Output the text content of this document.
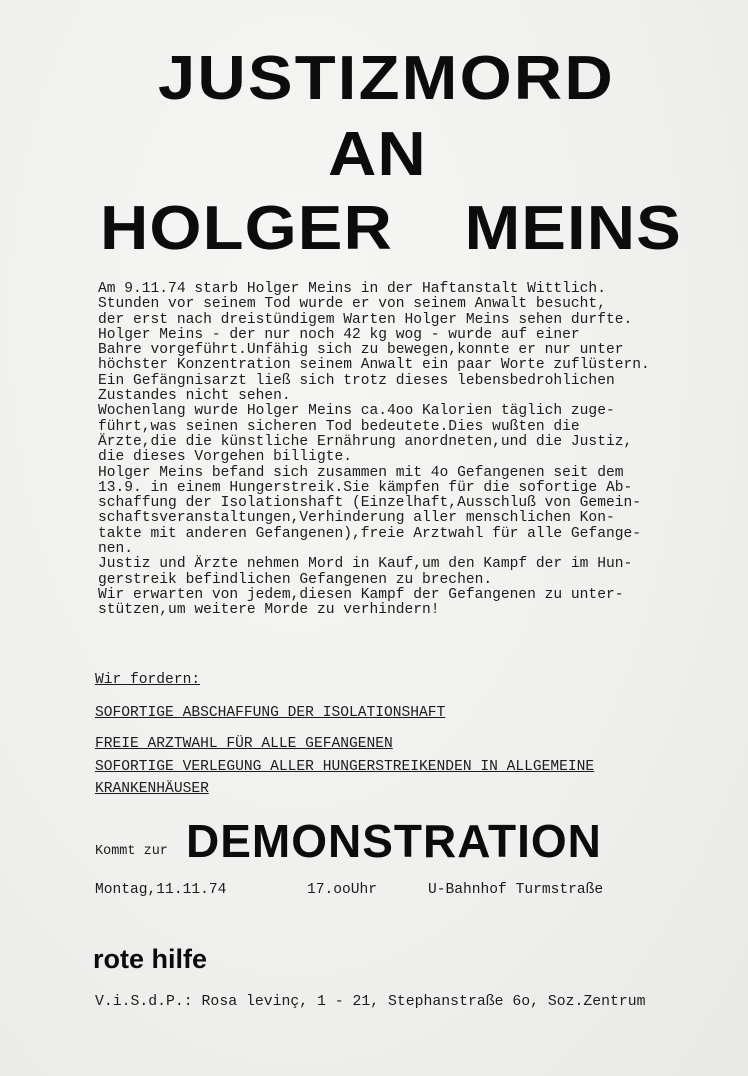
JUSTIZMORD
AN
HOLGER MEINS
Am 9.11.74 starb Holger Meins in der Haftanstalt Wittlich.
Stunden vor seinem Tod wurde er von seinem Anwalt besucht,
der erst nach dreistündigem Warten Holger Meins sehen durfte.
Holger Meins - der nur noch 42 kg wog - wurde auf einer
Bahre vorgeführt.Unfähig sich zu bewegen,konnte er nur unter
höchster Konzentration seinem Anwalt ein paar Worte zuflüstern.
Ein Gefängnisarzt ließ sich trotz dieses lebensbedrohlichen
Zustandes nicht sehen.
Wochenlang wurde Holger Meins ca.4oo Kalorien täglich zuge-
führt,was seinen sicheren Tod bedeutete.Dies wußten die
Ärzte,die die künstliche Ernährung anordneten,und die Justiz,
die dieses Vorgehen billigte.
Holger Meins befand sich zusammen mit 4o Gefangenen seit dem
13.9. in einem Hungerstreik.Sie kämpfen für die sofortige Ab-
schaffung der Isolationshaft (Einzelhaft,Ausschluß von Gemein-
schaftsveranstaltungen,Verhinderung aller menschlichen Kon-
takte mit anderen Gefangenen),freie Arztwahl für alle Gefange-
nen.
Justiz und Ärzte nehmen Mord in Kauf,um den Kampf der im Hun-
gerstreik befindlichen Gefangenen zu brechen.
Wir erwarten von jedem,diesen Kampf der Gefangenen zu unter-
stützen,um weitere Morde zu verhindern!
Wir fordern:
SOFORTIGE ABSCHAFFUNG DER ISOLATIONSHAFT
FREIE ARZTWAHL FÜR ALLE GEFANGENEN
SOFORTIGE VERLEGUNG ALLER HUNGERSTREIKENDEN IN ALLGEMEINE
KRANKENHÄUSER
Kommt zur DEMONSTRATION
Montag,11.11.74	17.ooUhr	U-Bahnhof Turmstraße
rote hilfe
V.i.S.d.P.: Rosa levinç, 1 - 21, Stephanstraße 6o, Soz.Zentrum
